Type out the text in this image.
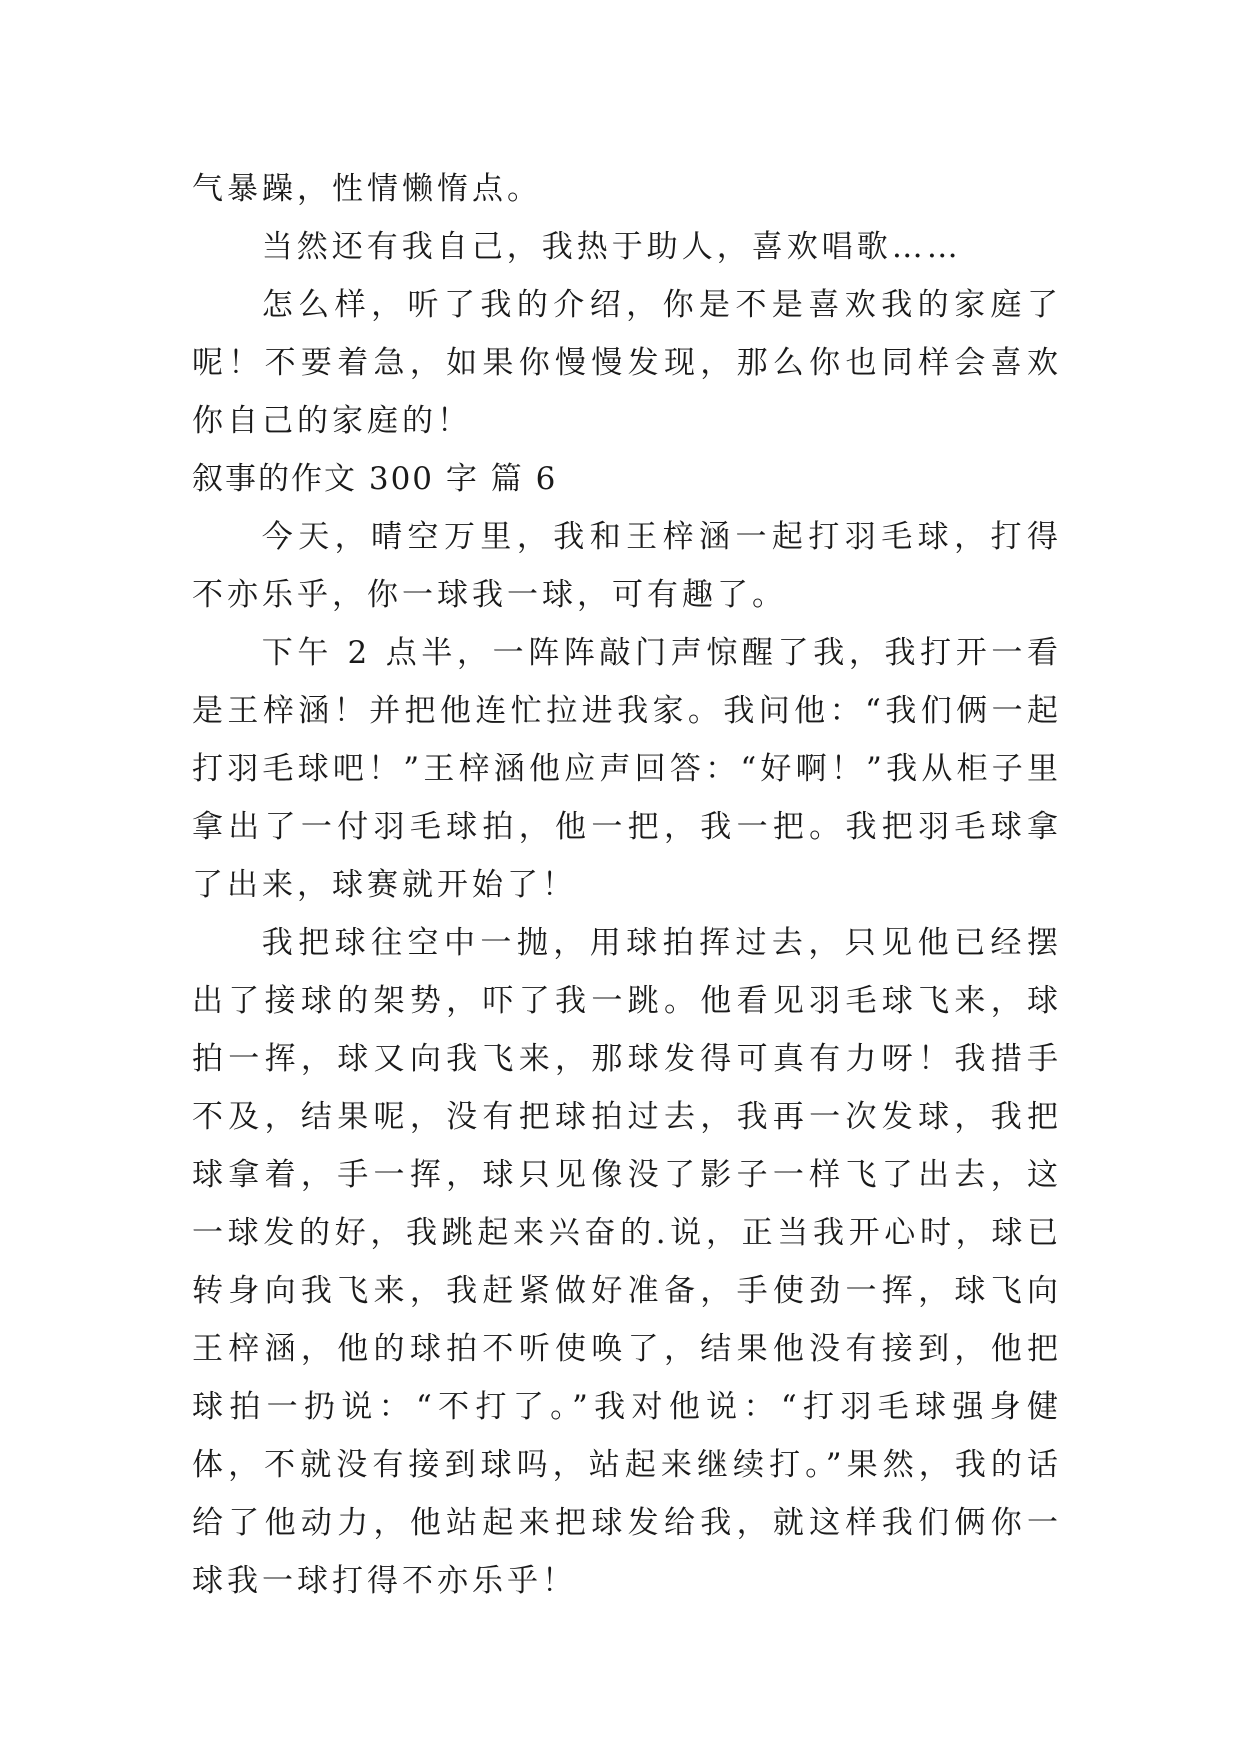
气暴躁，性情懒惰点。

当然还有我自己，我热于助人，喜欢唱歌……

怎么样，听了我的介绍，你是不是喜欢我的家庭了呢！不要着急，如果你慢慢发现，那么你也同样会喜欢你自己的家庭的！

叙事的作文 300 字 篇 6

今天，晴空万里，我和王梓涵一起打羽毛球，打得不亦乐乎，你一球我一球，可有趣了。

下午 2 点半，一阵阵敲门声惊醒了我，我打开一看是王梓涵！并把他连忙拉进我家。我问他：“我们俩一起打羽毛球吧！”王梓涵他应声回答：“好啊！”我从柜子里拿出了一付羽毛球拍，他一把，我一把。我把羽毛球拿了出来，球赛就开始了！

我把球往空中一抛，用球拍挥过去，只见他已经摆出了接球的架势，吓了我一跳。他看见羽毛球飞来，球拍一挥，球又向我飞来，那球发得可真有力呀！我措手不及，结果呢，没有把球拍过去，我再一次发球，我把球拿着，手一挥，球只见像没了影子一样飞了出去，这一球发的好，我跳起来兴奋的.说，正当我开心时，球已转身向我飞来，我赶紧做好准备，手使劲一挥，球飞向王梓涵，他的球拍不听使唤了，结果他没有接到，他把球拍一扔说：“不打了。”我对他说：“打羽毛球强身健体，不就没有接到球吗，站起来继续打。”果然，我的话给了他动力，他站起来把球发给我，就这样我们俩你一球我一球打得不亦乐乎！
